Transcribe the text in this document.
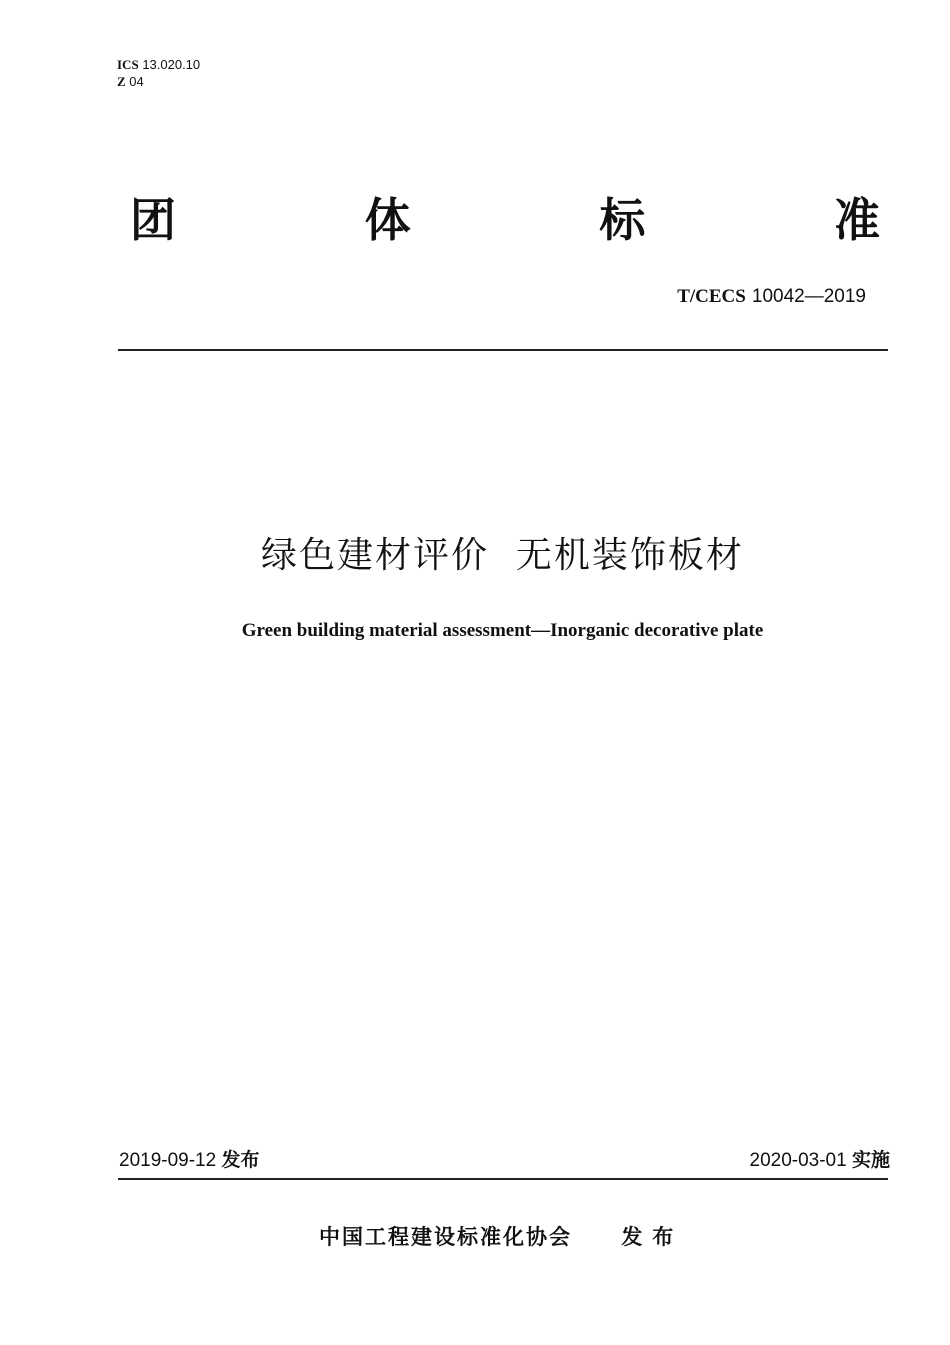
ICS 13.020.10
Z 04
团	体	标	准
T/CECS 10042—2019
绿色建材评价  无机装饰板材
Green building material assessment—Inorganic decorative plate
2019-09-12 发布	2020-03-01 实施
中国工程建设标准化协会 发布
